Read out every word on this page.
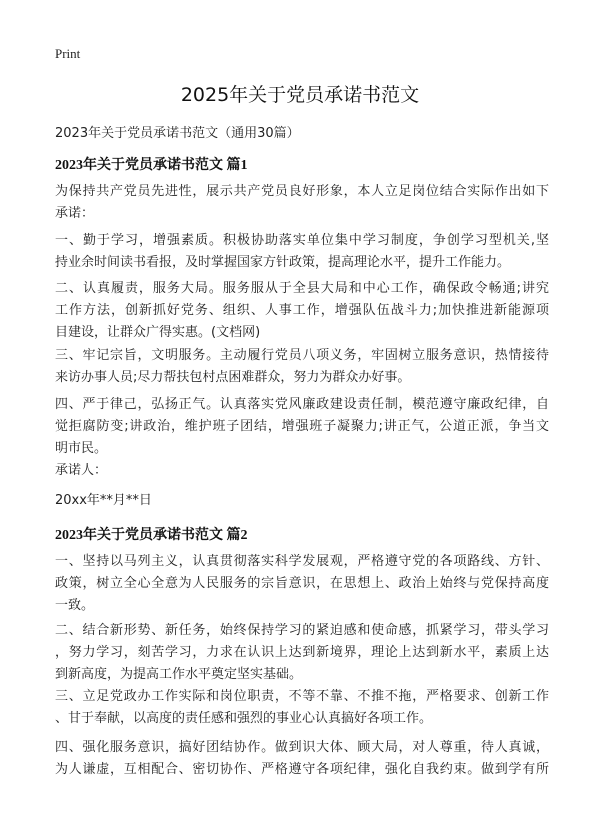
Print
2025年关于党员承诺书范文
2023年关于党员承诺书范文（通用30篇）
2023年关于党员承诺书范文 篇1

为保持共产党员先进性，展示共产党员良好形象，本人立足岗位结合实际作出如下
承诺：

一、勤于学习，增强素质。积极协助落实单位集中学习制度，争创学习型机关,坚
持业余时间读书看报，及时掌握国家方针政策，提高理论水平，提升工作能力。

二、认真履责，服务大局。服务服从于全县大局和中心工作，确保政令畅通;讲究
工作方法，创新抓好党务、组织、人事工作，增强队伍战斗力;加快推进新能源项
目建设，让群众广得实惠。(文档网)

三、牢记宗旨，文明服务。主动履行党员八项义务，牢固树立服务意识，热情接待
来访办事人员;尽力帮扶包村点困难群众，努力为群众办好事。

四、严于律己，弘扬正气。认真落实党风廉政建设责任制，模范遵守廉政纪律，自
觉拒腐防变;讲政治，维护班子团结，增强班子凝聚力;讲正气，公道正派，争当文
明市民。

承诺人：

20xx年**月**日

2023年关于党员承诺书范文 篇2

一、坚持以马列主义，认真贯彻落实科学发展观，严格遵守党的各项路线、方针、
政策，树立全心全意为人民服务的宗旨意识，在思想上、政治上始终与党保持高度
一致。

二、结合新形势、新任务，始终保持学习的紧迫感和使命感，抓紧学习，带头学习
，努力学习，刻苦学习，力求在认识上达到新境界，理论上达到新水平，素质上达
到新高度，为提高工作水平奠定坚实基础。

三、立足党政办工作实际和岗位职责，不等不靠、不推不拖，严格要求、创新工作
、甘于奉献，以高度的责任感和强烈的事业心认真搞好各项工作。

四、强化服务意识，搞好团结协作。做到识大体、顾大局，对人尊重，待人真诚，
为人谦虚，互相配合、密切协作、严格遵守各项纪律，强化自我约束。做到学有所
